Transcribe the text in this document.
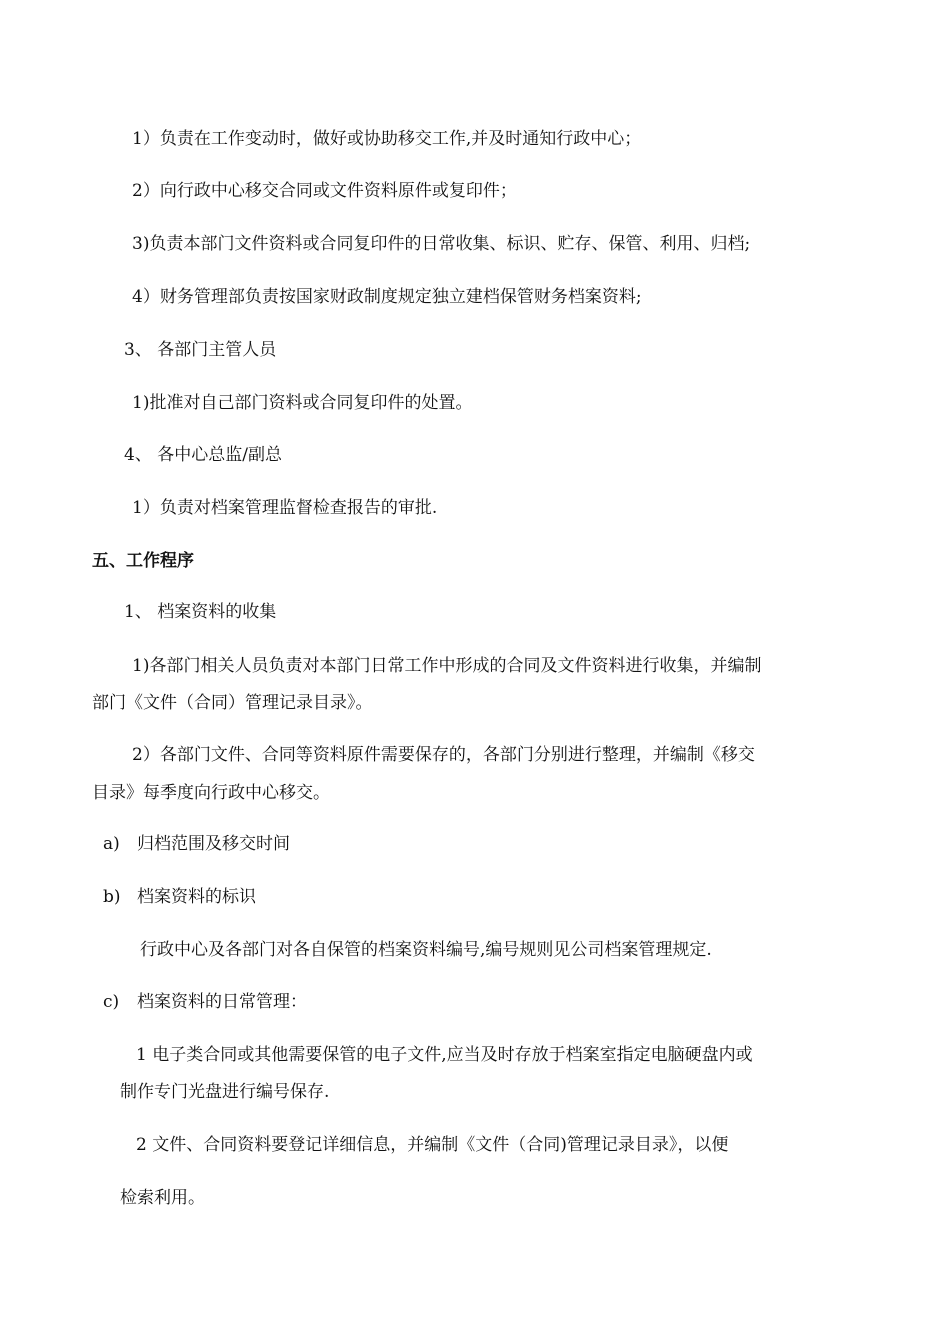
1）负责在工作变动时，做好或协助移交工作,并及时通知行政中心；
2）向行政中心移交合同或文件资料原件或复印件；
3)负责本部门文件资料或合同复印件的日常收集、标识、贮存、保管、利用、归档;
4）财务管理部负责按国家财政制度规定独立建档保管财务档案资料;
3、 各部门主管人员
1)批准对自己部门资料或合同复印件的处置。
4、 各中心总监/副总
1）负责对档案管理监督检查报告的审批.
五、工作程序
1、 档案资料的收集
1)各部门相关人员负责对本部门日常工作中形成的合同及文件资料进行收集，并编制
部门《文件（合同）管理记录目录》。
2）各部门文件、合同等资料原件需要保存的，各部门分别进行整理，并编制《移交
目录》每季度向行政中心移交。
a) 归档范围及移交时间
b) 档案资料的标识
行政中心及各部门对各自保管的档案资料编号,编号规则见公司档案管理规定.
c) 档案资料的日常管理：
1 电子类合同或其他需要保管的电子文件,应当及时存放于档案室指定电脑硬盘内或
制作专门光盘进行编号保存.
2 文件、合同资料要登记详细信息，并编制《文件（合同)管理记录目录》，以便
检索利用。
